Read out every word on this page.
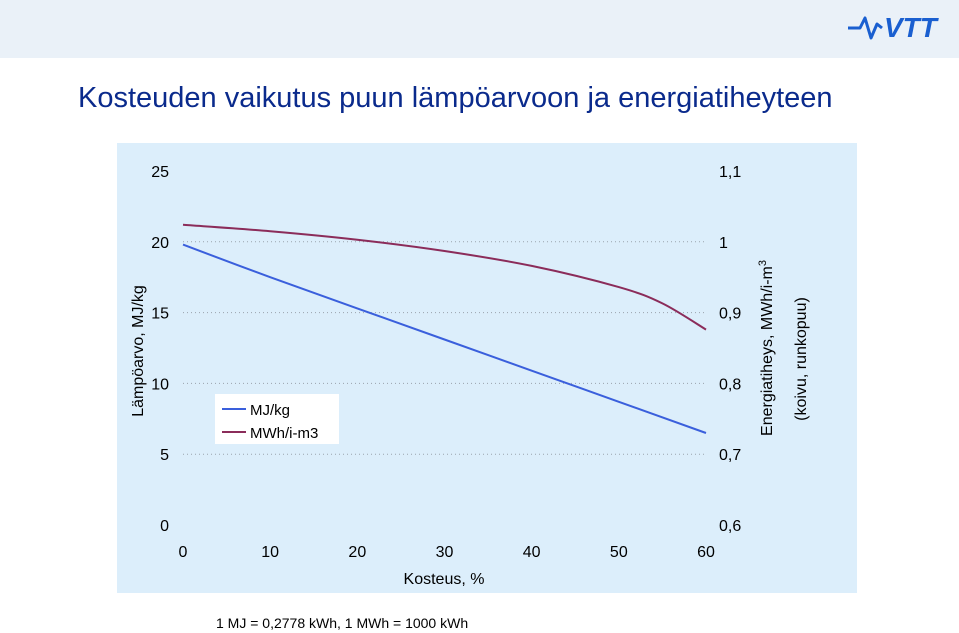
VTT
Kosteuden vaikutus puun lämpöarvoon ja energiatiheyteen
0	0,6
5	0,7
10	0,8
15	0,9
20	1
25	1,1
0	10	20	30	40	50	60
MJ/kg
MWh/i-m3
Kosteus, %
Lämpöarvo, MJ/kg	Energiatiheys, MWh/$i-m^3$
(koivu, runkopuu)
1 MJ = 0,2778 kWh, 1 MWh = 1000 kWh
